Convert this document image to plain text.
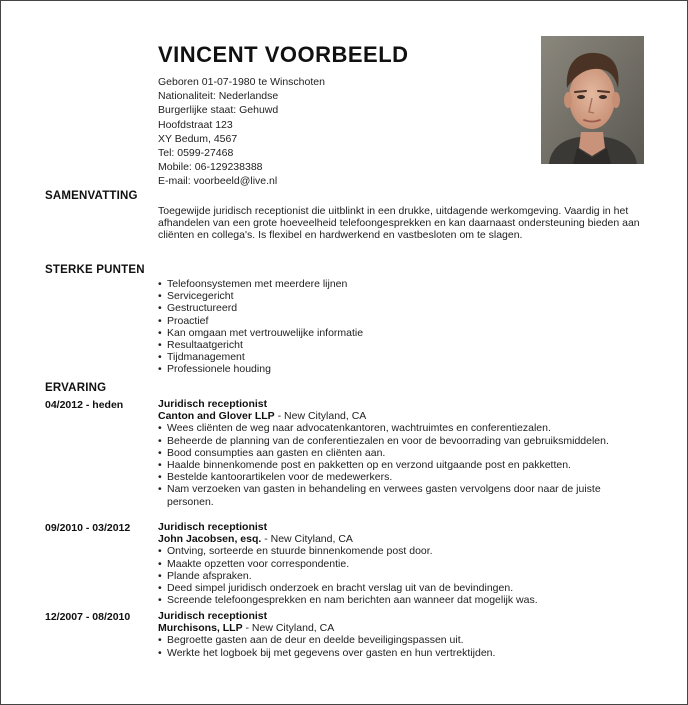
VINCENT VOORBEELD
Geboren 01-07-1980 te Winschoten
Nationaliteit: Nederlandse
Burgerlijke staat: Gehuwd
Hoofdstraat 123
XY Bedum, 4567
Tel: 0599-27468
Mobile: 06-129238388
E-mail: voorbeeld@live.nl
SAMENVATTING
Toegewijde juridisch receptionist die uitblinkt in een drukke, uitdagende werkomgeving. Vaardig in het afhandelen van een grote hoeveelheid telefoongesprekken en kan daarnaast ondersteuning bieden aan cliënten en collega's. Is flexibel en hardwerkend en vastbesloten om te slagen.
STERKE PUNTEN
• Telefoonsystemen met meerdere lijnen
• Servicegericht
• Gestructureerd
• Proactief
• Kan omgaan met vertrouwelijke informatie
• Resultaatgericht
• Tijdmanagement
• Professionele houding
ERVARING
04/2012 - heden	Juridisch receptionist
Canton and Glover LLP - New Cityland, CA
• Wees cliënten de weg naar advocatenkantoren, wachtruimtes en conferentiezalen.
• Beheerde de planning van de conferentiezalen en voor de bevoorrading van gebruiksmiddelen.
• Bood consumpties aan gasten en cliënten aan.
• Haalde binnenkomende post en pakketten op en verzond uitgaande post en pakketten.
• Bestelde kantoorartikelen voor de medewerkers.
• Nam verzoeken van gasten in behandeling en verwees gasten vervolgens door naar de juiste personen.
09/2010 - 03/2012	Juridisch receptionist
John Jacobsen, esq. - New Cityland, CA
• Ontving, sorteerde en stuurde binnenkomende post door.
• Maakte opzetten voor correspondentie.
• Plande afspraken.
• Deed simpel juridisch onderzoek en bracht verslag uit van de bevindingen.
• Screende telefoongesprekken en nam berichten aan wanneer dat mogelijk was.
12/2007 - 08/2010	Juridisch receptionist
Murchisons, LLP - New Cityland, CA
• Begroette gasten aan de deur en deelde beveiligingspassen uit.
• Werkte het logboek bij met gegevens over gasten en hun vertrektijden.
